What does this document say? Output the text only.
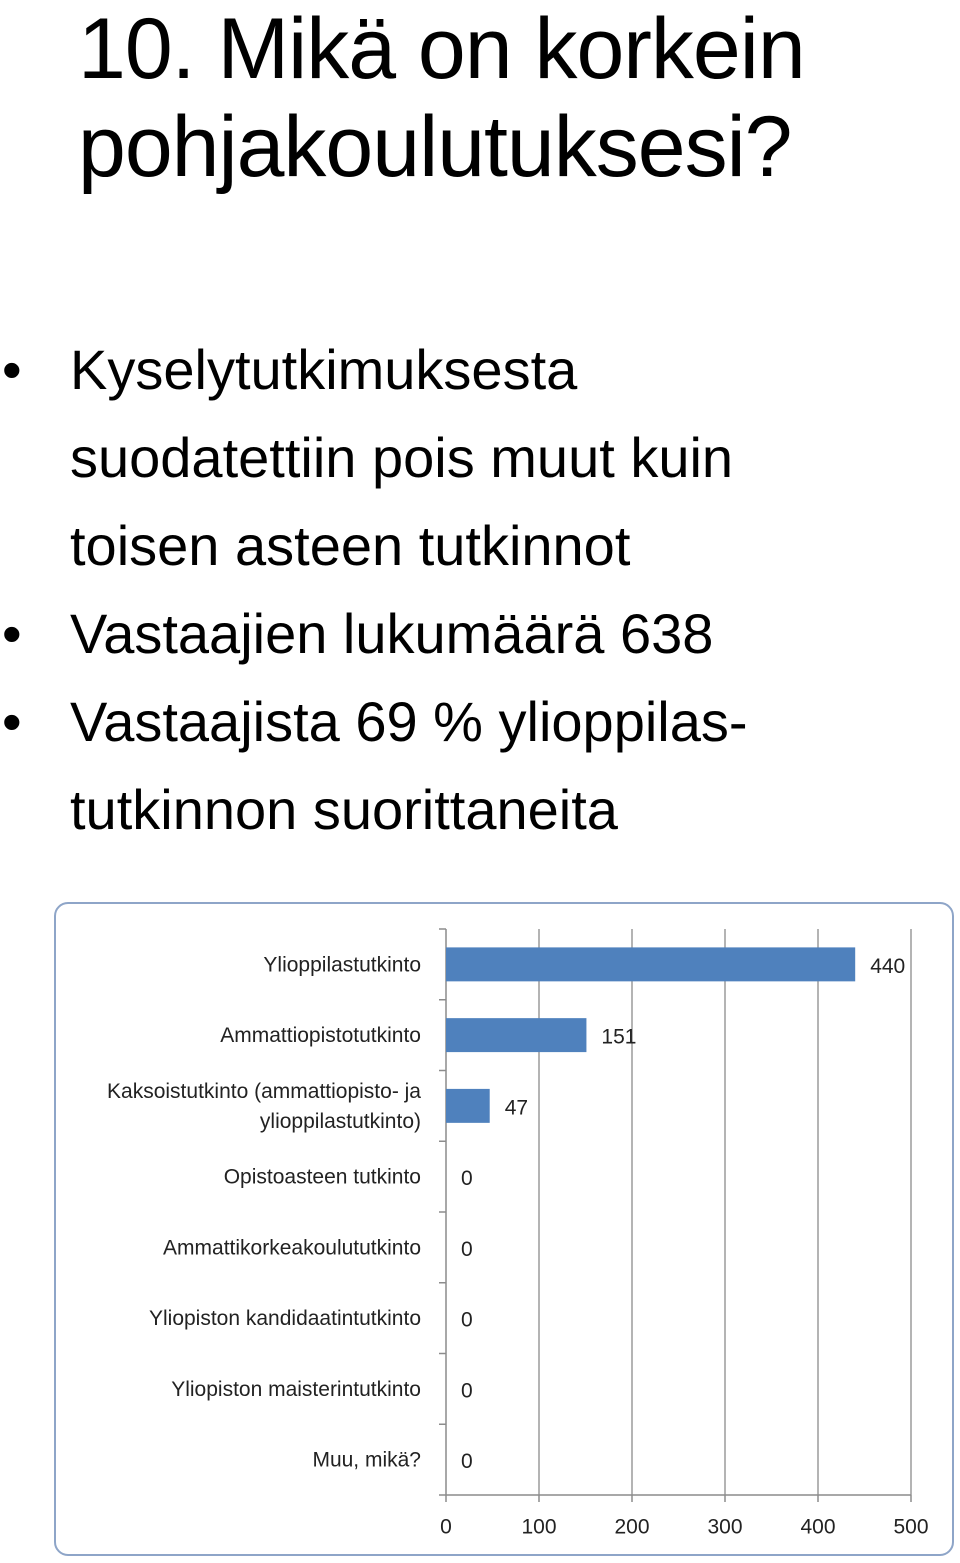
10. Mikä on korkein
pohjakoulutuksesi?
• Kyselytutkimuksesta
suodatettiin pois muut kuin
toisen asteen tutkinnot
• Vastaajien lukumäärä 638
• Vastaajista 69 % ylioppilas-
tutkinnon suorittaneita
Ylioppilastutkinto	440
Ammattiopistotutkinto	151
Kaksoistutkinto (ammattiopisto- ja ylioppilastutkinto)
47
Opistoasteen tutkinto 0
Ammattikorkeakoulututkinto 0
Yliopiston kandidaatintutkinto 0
Yliopiston maisterintutkinto 0
Muu, mikä? 0
0	100	200	300	400	500
